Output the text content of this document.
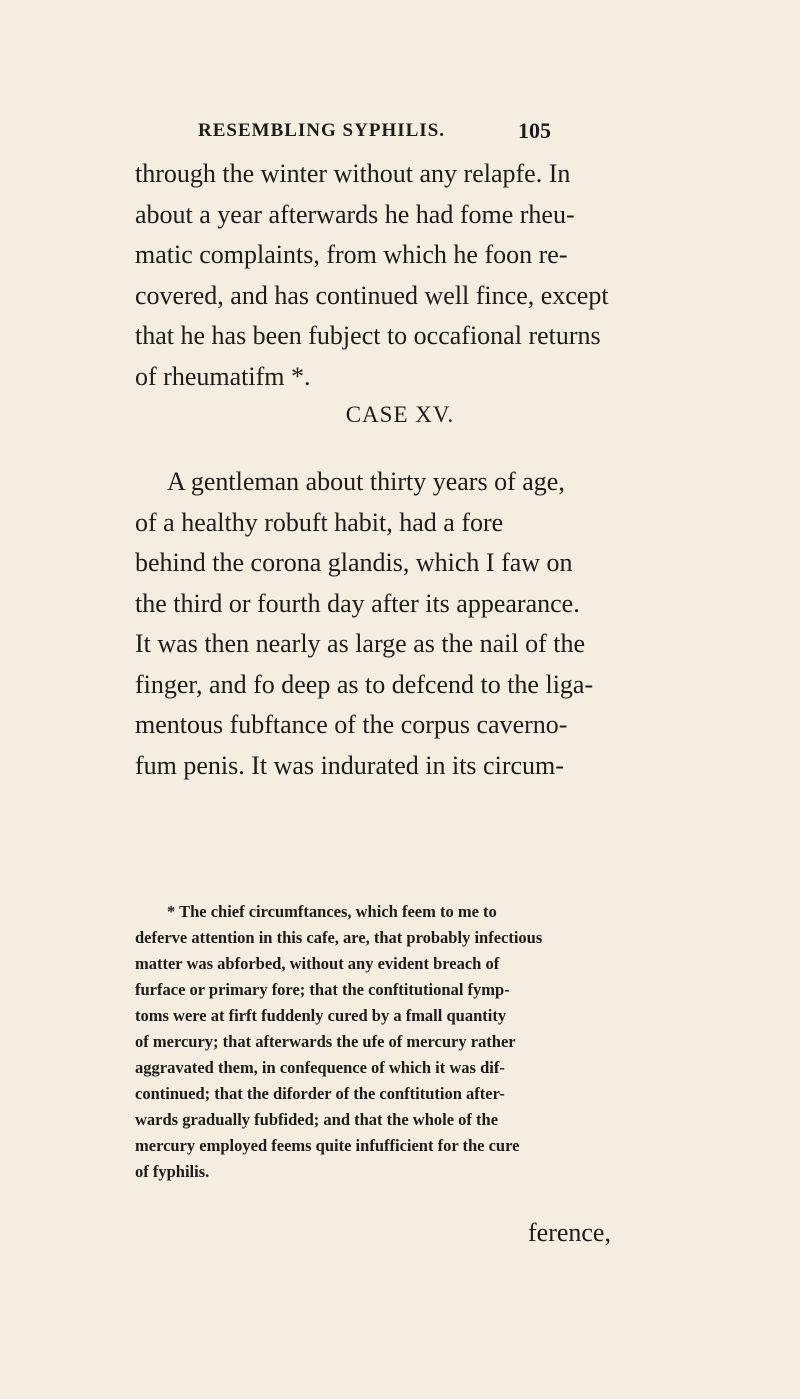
RESEMBLING SYPHILIS.	105
through the winter without any relapfe. In
about a year afterwards he had fome rheu-
matic complaints, from which he foon re-
covered, and has continued well fince, except
that he has been fubject to occafional returns
of rheumatifm *.
CASE XV.
A gentleman about thirty years of age,
of a healthy robuft habit, had a fore
behind the corona glandis, which I faw on
the third or fourth day after its appearance.
It was then nearly as large as the nail of the
finger, and fo deep as to defcend to the liga-
mentous fubftance of the corpus caverno-
fum penis. It was indurated in its circum-
* The chief circumftances, which feem to me to
deferve attention in this cafe, are, that probably infectious
matter was abforbed, without any evident breach of
furface or primary fore; that the conftitutional fymp-
toms were at firft fuddenly cured by a fmall quantity
of mercury; that afterwards the ufe of mercury rather
aggravated them, in confequence of which it was dif-
continued; that the diforder of the conftitution after-
wards gradually fubfided; and that the whole of the
mercury employed feems quite infufficient for the cure
of fyphilis.
ference,
